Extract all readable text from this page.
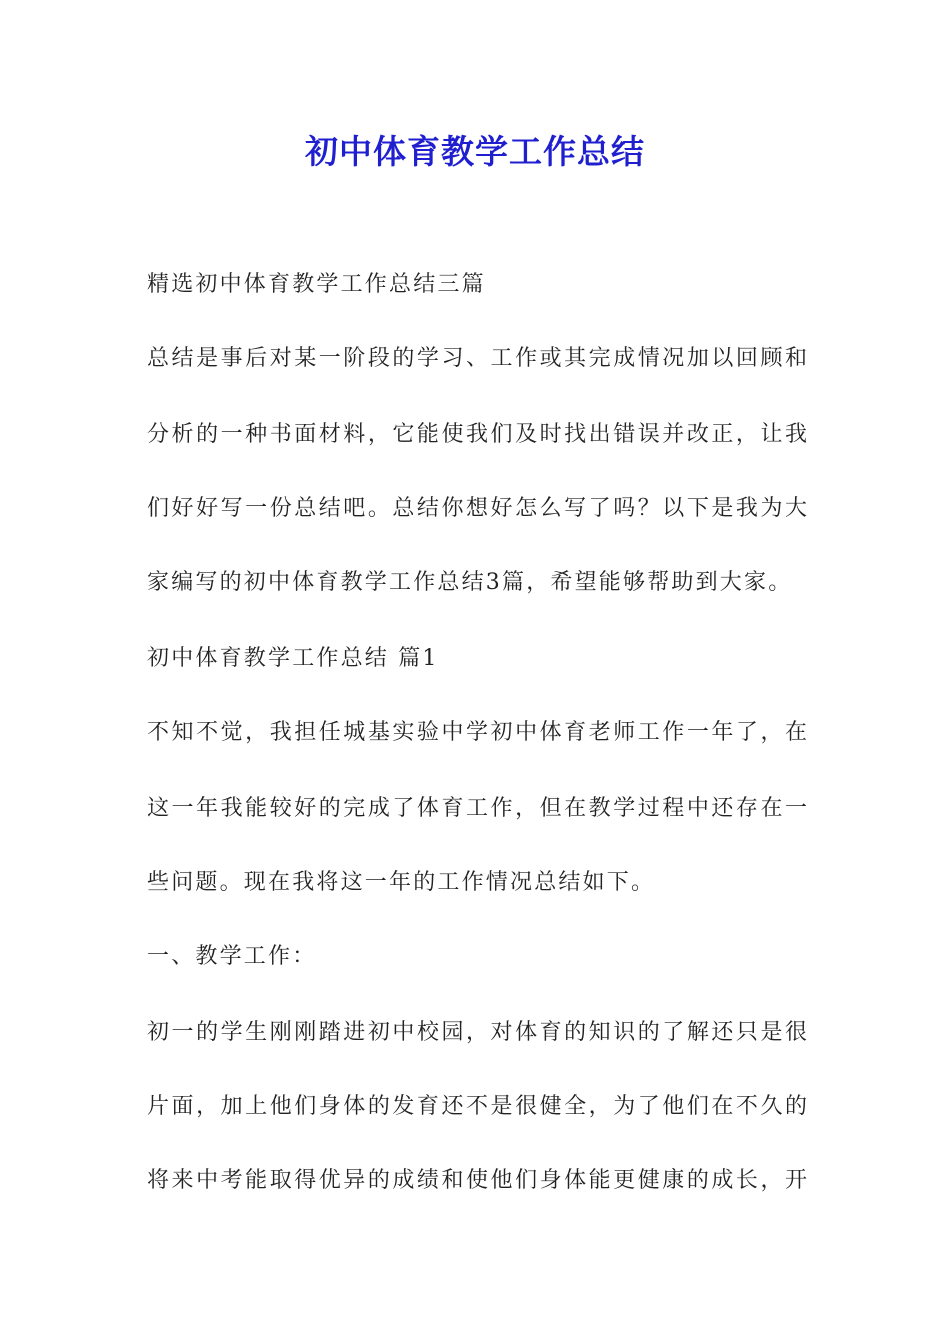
初中体育教学工作总结

精选初中体育教学工作总结三篇

总结是事后对某一阶段的学习、工作或其完成情况加以回顾和

分析的一种书面材料，它能使我们及时找出错误并改正，让我

们好好写一份总结吧。总结你想好怎么写了吗？以下是我为大

家编写的初中体育教学工作总结3篇，希望能够帮助到大家。

初中体育教学工作总结 篇1

不知不觉，我担任城基实验中学初中体育老师工作一年了，在

这一年我能较好的完成了体育工作，但在教学过程中还存在一

些问题。现在我将这一年的工作情况总结如下。

一、教学工作：

初一的学生刚刚踏进初中校园，对体育的知识的了解还只是很

片面，加上他们身体的发育还不是很健全，为了他们在不久的

将来中考能取得优异的成绩和使他们身体能更健康的成长，开
